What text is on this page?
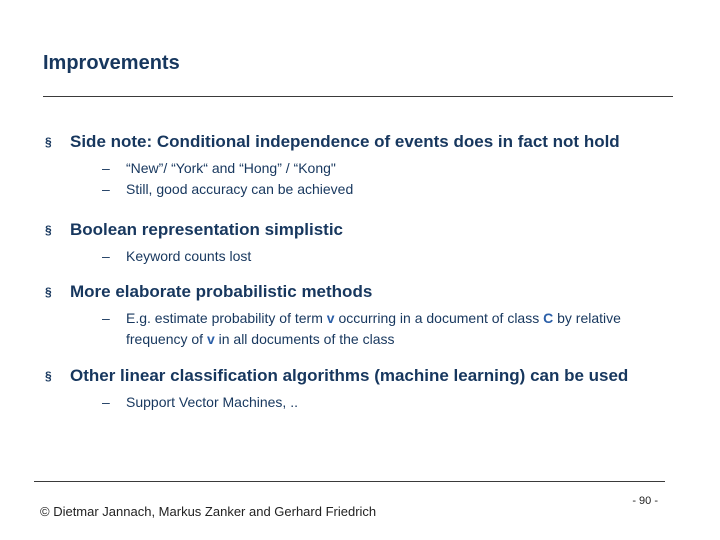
Improvements
§ Side note: Conditional independence of events does in fact not hold
– “New”/ “York“ and “Hong” / “Kong"
– Still, good accuracy can be achieved
§ Boolean representation simplistic
– Keyword counts lost
§ More elaborate probabilistic methods
– E.g. estimate probability of term v occurring in a document of class C by relative frequency of v in all documents of the class
§ Other linear classification algorithms (machine learning) can be used
– Support Vector Machines, ..
© Dietmar Jannach, Markus Zanker and Gerhard Friedrich
- 90 -
